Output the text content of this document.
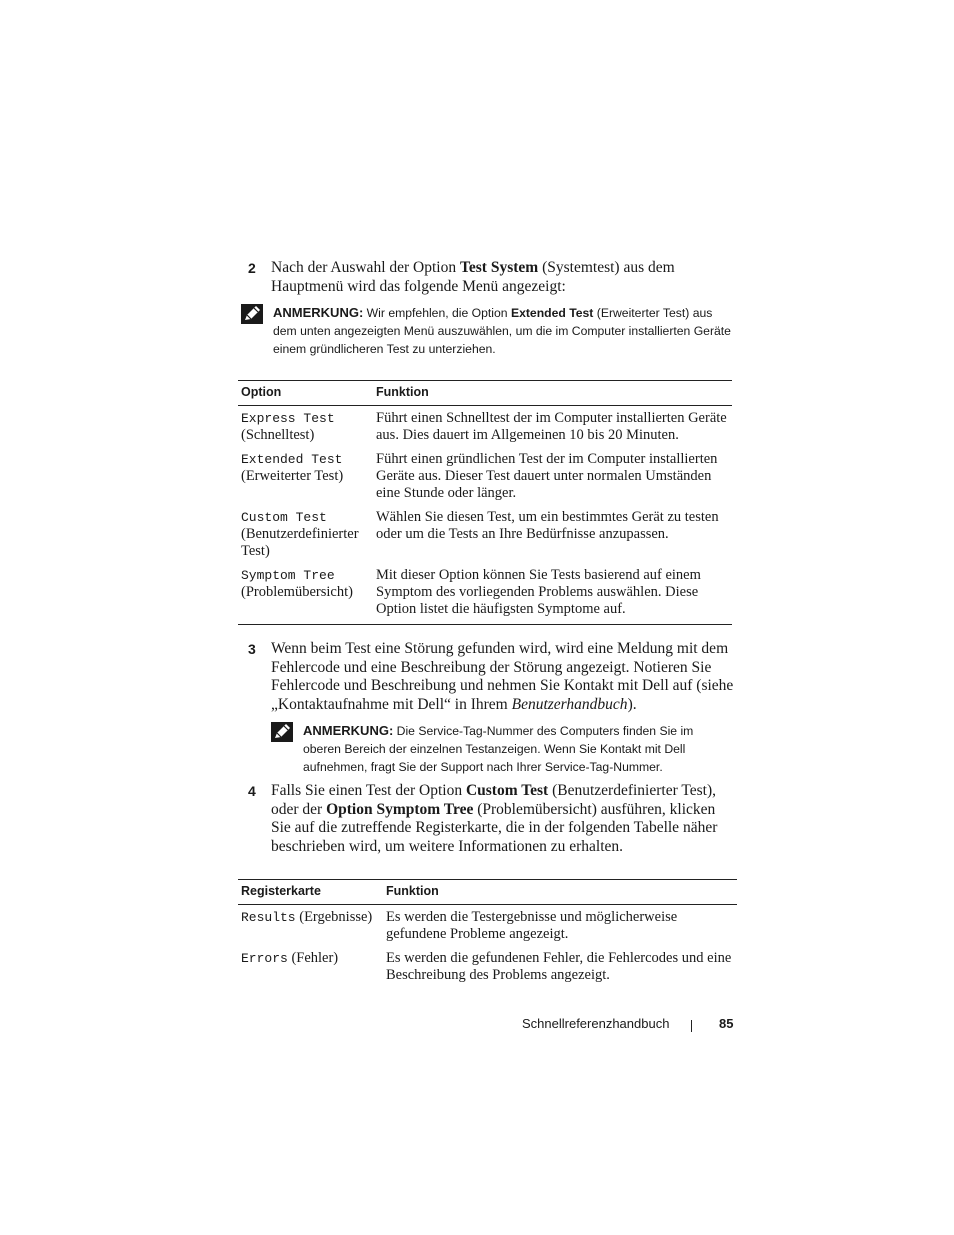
2 Nach der Auswahl der Option Test System (Systemtest) aus dem Hauptmenü wird das folgende Menü angezeigt:
ANMERKUNG: Wir empfehlen, die Option Extended Test (Erweiterter Test) aus dem unten angezeigten Menü auszuwählen, um die im Computer installierten Geräte einem gründlicheren Test zu unterziehen.
Option	Funktion
Express Test
(Schnelltest)	Führt einen Schnelltest der im Computer installierten Geräte aus. Dies dauert im Allgemeinen 10 bis 20 Minuten.
Extended Test
(Erweiterter Test)	Führt einen gründlichen Test der im Computer installierten Geräte aus. Dieser Test dauert unter normalen Umständen eine Stunde oder länger.
Custom Test
(Benutzerdefinierter Test)	Wählen Sie diesen Test, um ein bestimmtes Gerät zu testen oder um die Tests an Ihre Bedürfnisse anzupassen.
Symptom Tree
(Problemübersicht)	Mit dieser Option können Sie Tests basierend auf einem Symptom des vorliegenden Problems auswählen. Diese Option listet die häufigsten Symptome auf.
3 Wenn beim Test eine Störung gefunden wird, wird eine Meldung mit dem Fehlercode und eine Beschreibung der Störung angezeigt. Notieren Sie Fehlercode und Beschreibung und nehmen Sie Kontakt mit Dell auf (siehe „Kontaktaufnahme mit Dell“ in Ihrem Benutzerhandbuch).
ANMERKUNG: Die Service-Tag-Nummer des Computers finden Sie im oberen Bereich der einzelnen Testanzeigen. Wenn Sie Kontakt mit Dell aufnehmen, fragt Sie der Support nach Ihrer Service-Tag-Nummer.
4 Falls Sie einen Test der Option Custom Test (Benutzerdefinierter Test), oder der Option Symptom Tree (Problemübersicht) ausführen, klicken Sie auf die zutreffende Registerkarte, die in der folgenden Tabelle näher beschrieben wird, um weitere Informationen zu erhalten.
Registerkarte	Funktion
Results (Ergebnisse)	Es werden die Testergebnisse und möglicherweise gefundene Probleme angezeigt.
Errors (Fehler)	Es werden die gefundenen Fehler, die Fehlercodes und eine Beschreibung des Problems angezeigt.
Schnellreferenzhandbuch	85
